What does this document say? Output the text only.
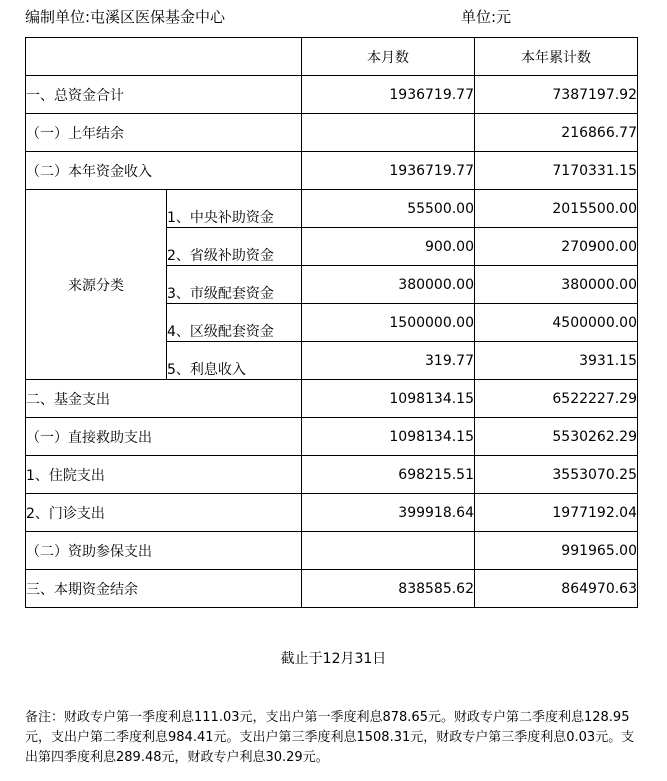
编制单位:屯溪区医保基金中心	单位:元
		本月数	本年累计数
一、总资金合计		1936719.77	7387197.92
（一）上年结余			216866.77
（二）本年资金收入		1936719.77	7170331.15
来源分类	1、中央补助资金	55500.00	2015500.00
	2、省级补助资金	900.00	270900.00
	3、市级配套资金	380000.00	380000.00
	4、区级配套资金	1500000.00	4500000.00
	5、利息收入	319.77	3931.15
二、基金支出		1098134.15	6522227.29
（一）直接救助支出		1098134.15	5530262.29
1、住院支出		698215.51	3553070.25
2、门诊支出		399918.64	1977192.04
（二）资助参保支出			991965.00
三、本期资金结余		838585.62	864970.63
截止于12月31日
备注：财政专户第一季度利息111.03元，支出户第一季度利息878.65元。财政专户第二季度利息128.95元，支出户第二季度利息984.41元。支出户第三季度利息1508.31元，财政专户第三季度利息0.03元。支出第四季度利息289.48元，财政专户利息30.29元。
